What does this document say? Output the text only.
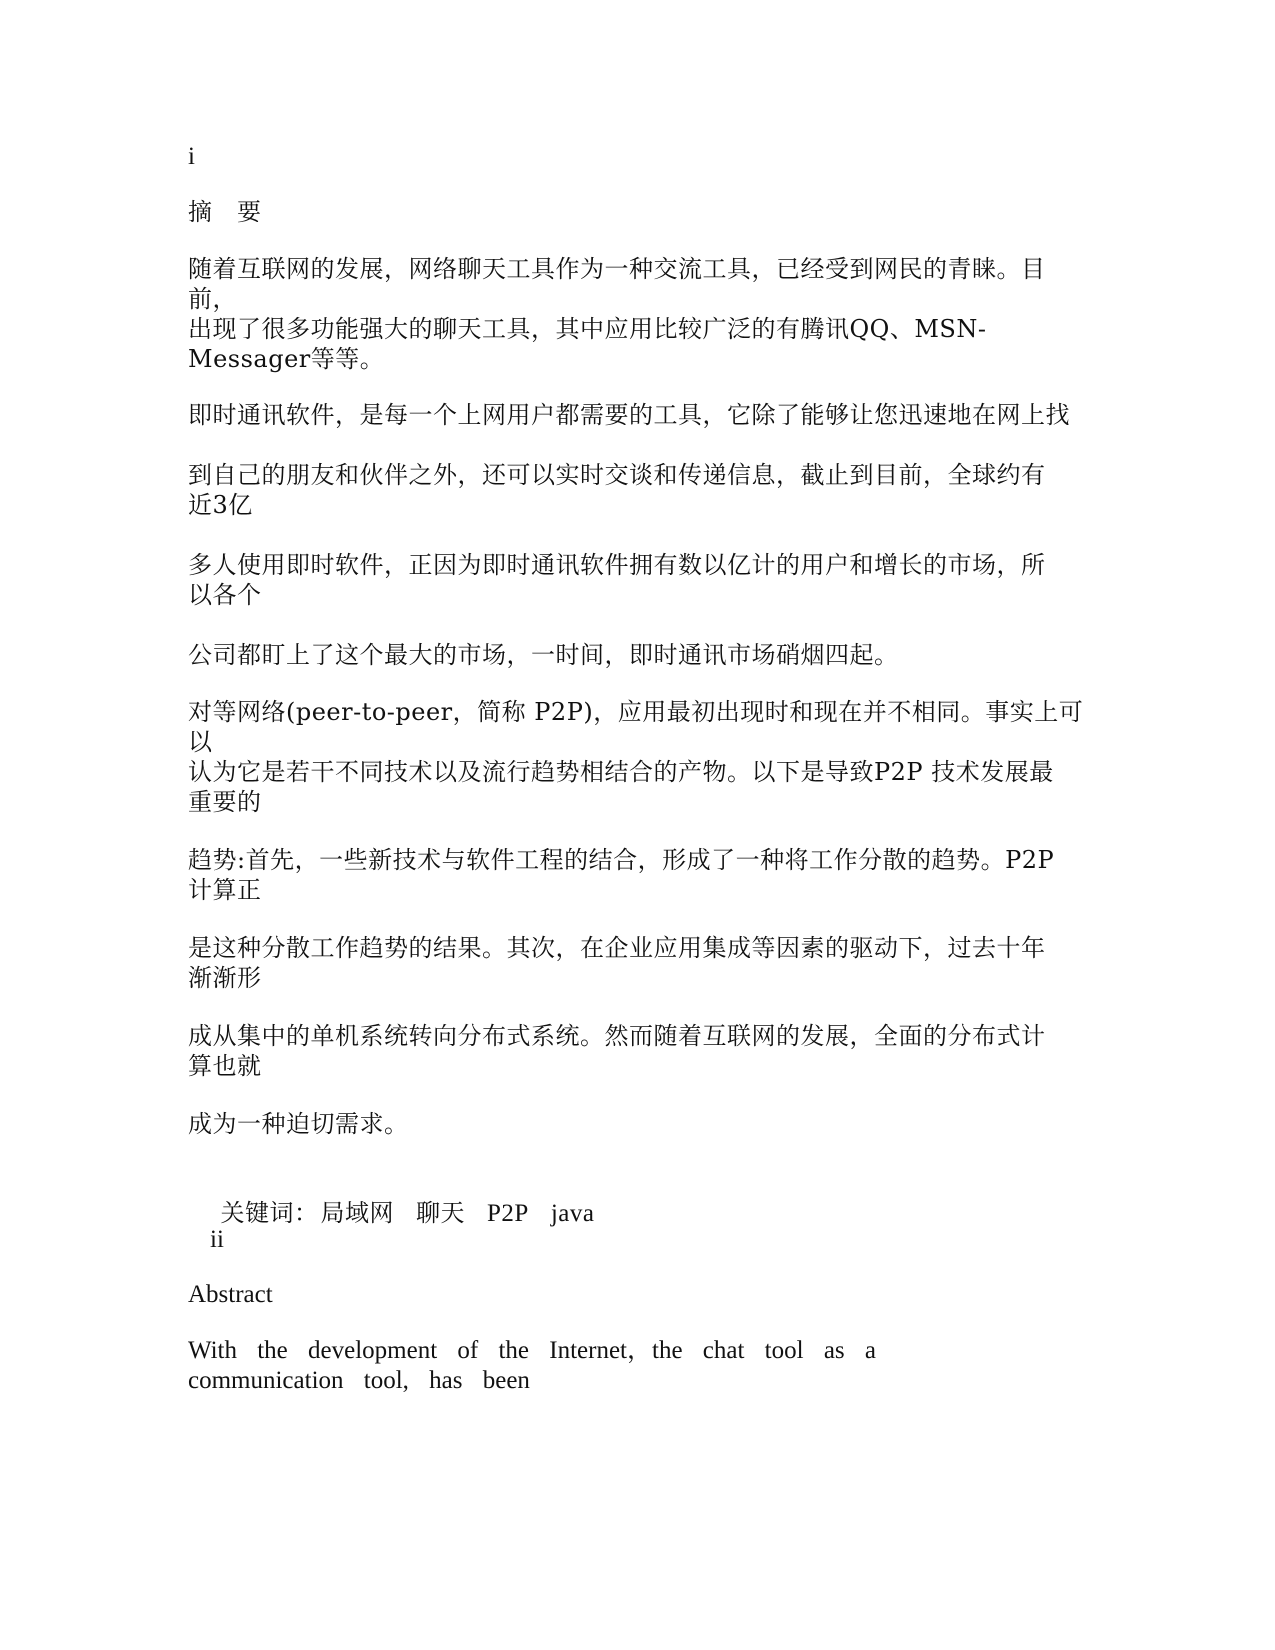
i

摘　要

随着互联网的发展，网络聊天工具作为一种交流工具，已经受到网民的青睐。目前，

出现了很多功能强大的聊天工具，其中应用比较广泛的有腾讯QQ、MSN-Messager等等。

即时通讯软件，是每一个上网用户都需要的工具，它除了能够让您迅速地在网上找

到自己的朋友和伙伴之外，还可以实时交谈和传递信息，截止到目前，全球约有近3亿

多人使用即时软件，正因为即时通讯软件拥有数以亿计的用户和增长的市场，所以各个

公司都盯上了这个最大的市场，一时间，即时通讯市场硝烟四起。

对等网络(peer-to-peer，简称 P2P)，应用最初出现时和现在并不相同。事实上可以

认为它是若干不同技术以及流行趋势相结合的产物。以下是导致P2P 技术发展最重要的

趋势:首先，一些新技术与软件工程的结合，形成了一种将工作分散的趋势。P2P 计算正

是这种分散工作趋势的结果。其次，在企业应用集成等因素的驱动下，过去十年渐渐形

成从集中的单机系统转向分布式系统。然而随着互联网的发展，全面的分布式计算也就

成为一种迫切需求。

关键词：局域网 聊天 P2P java

ii

Abstract

With the development of the Internet，the chat tool as a communication tool, has been
